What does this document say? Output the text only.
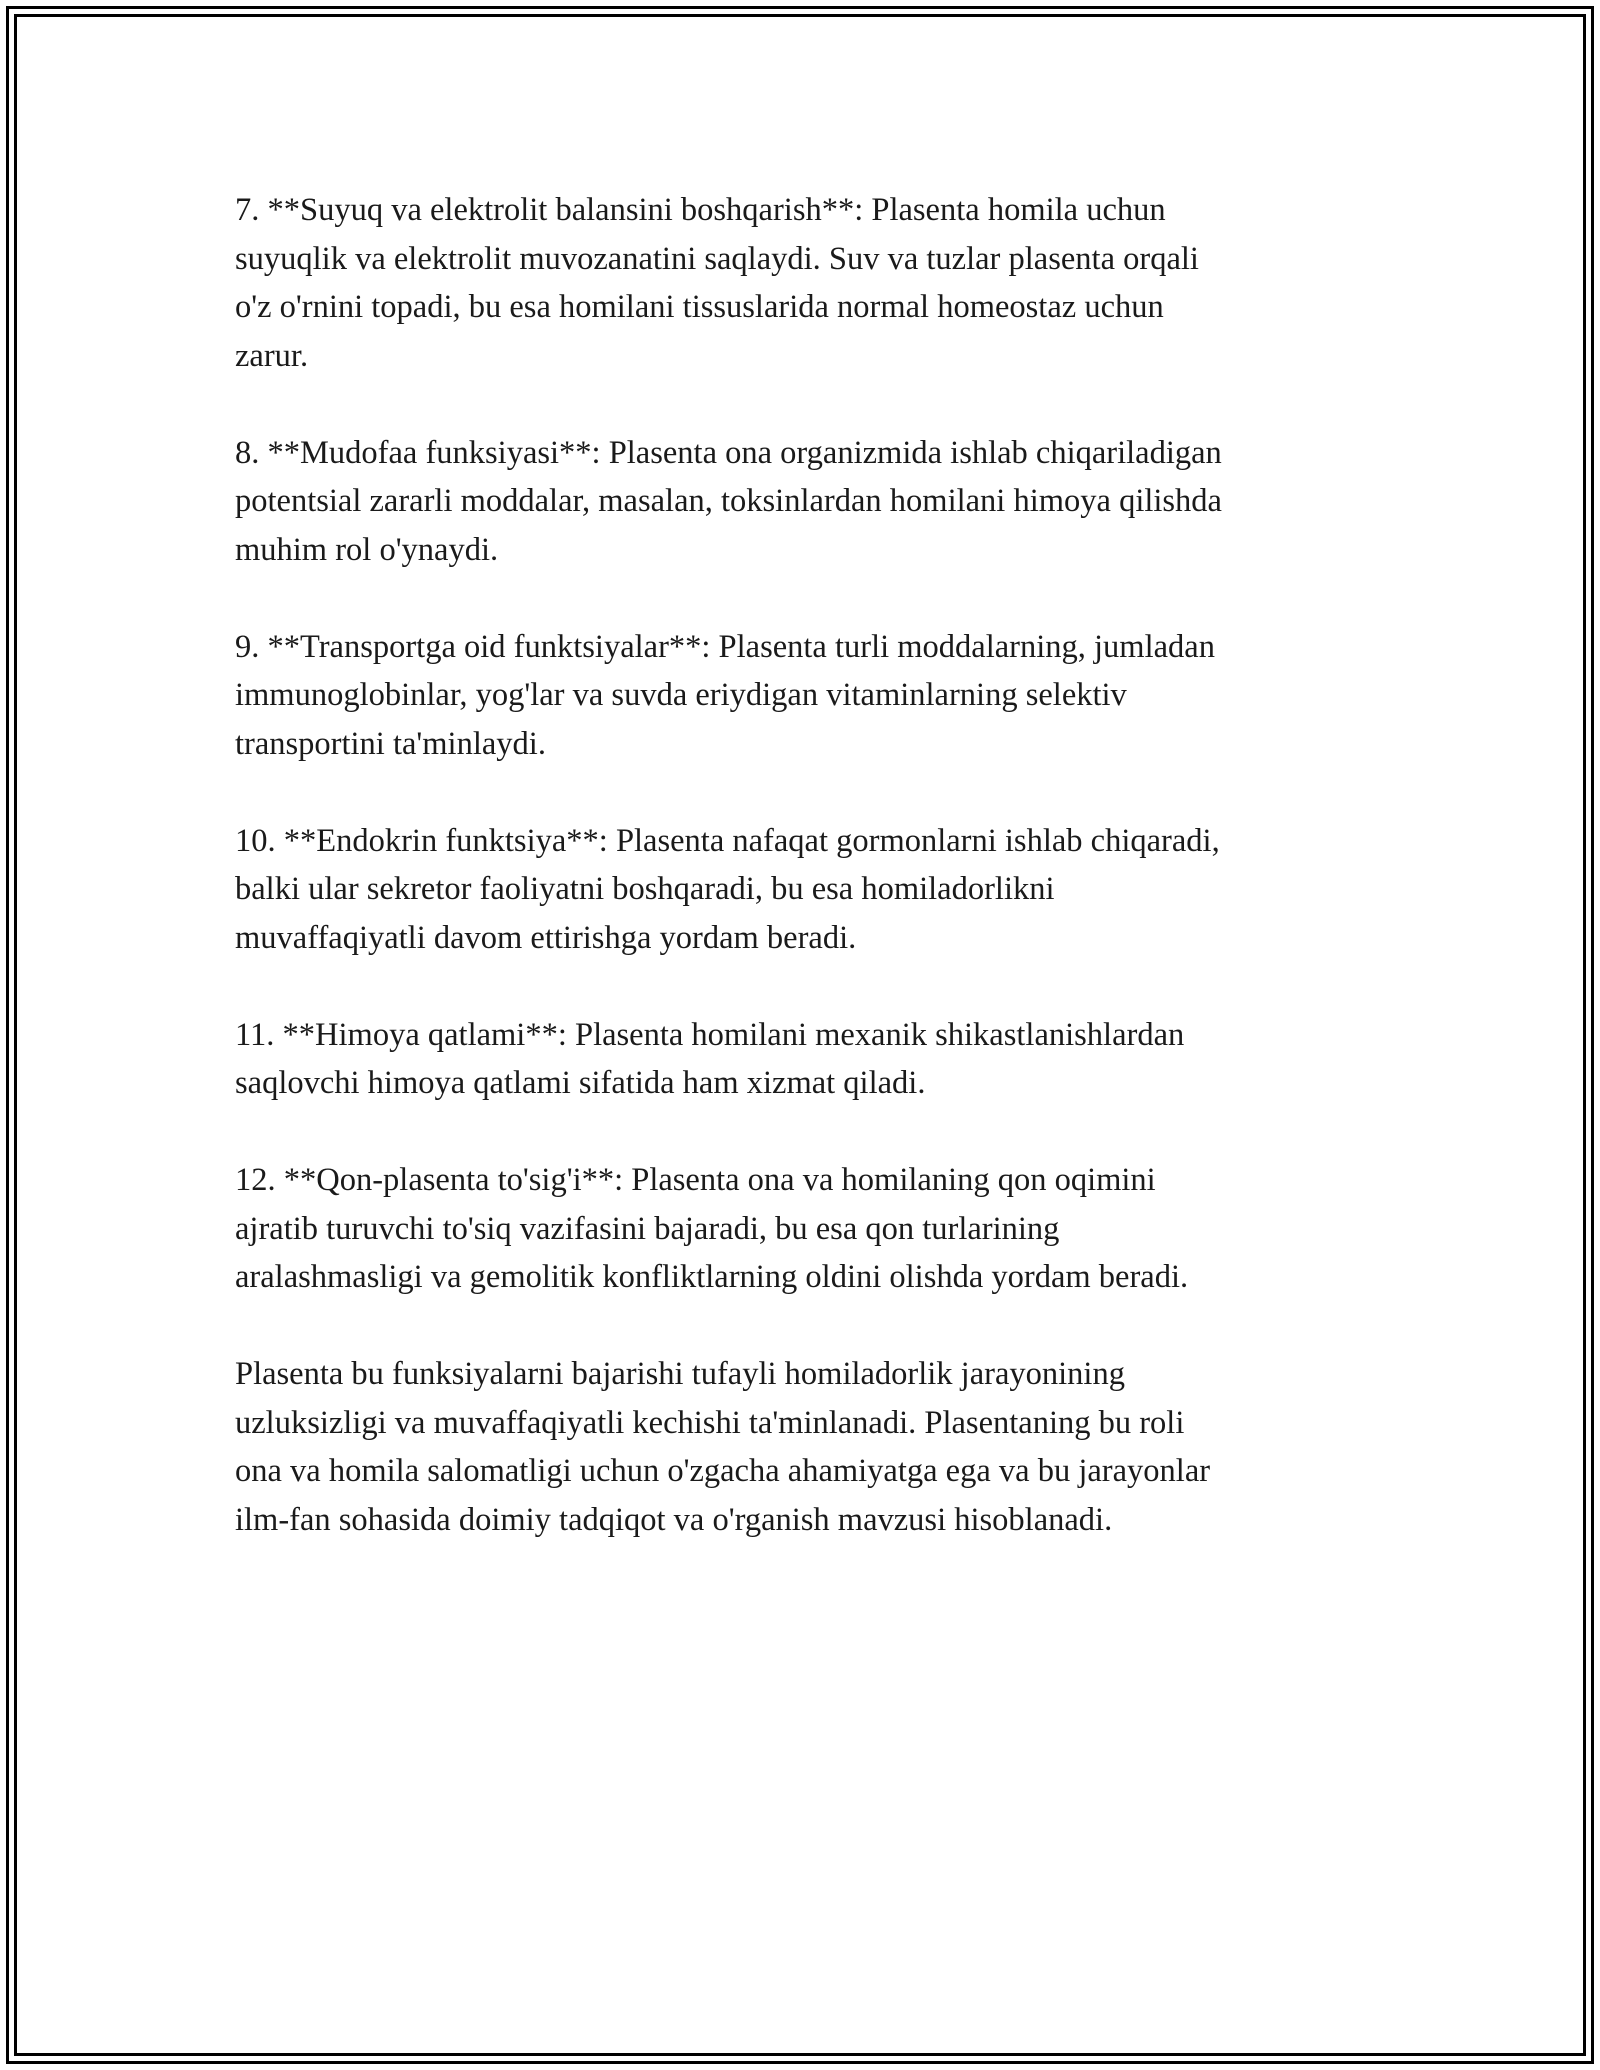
7. **Suyuq va elektrolit balansini boshqarish**: Plasenta homila uchun
suyuqlik va elektrolit muvozanatini saqlaydi. Suv va tuzlar plasenta orqali
o'z o'rnini topadi, bu esa homilani tissuslarida normal homeostaz uchun
zarur.

8. **Mudofaa funksiyasi**: Plasenta ona organizmida ishlab chiqariladigan
potentsial zararli moddalar, masalan, toksinlardan homilani himoya qilishda
muhim rol o'ynaydi.

9. **Transportga oid funktsiyalar**: Plasenta turli moddalarning, jumladan
immunoglobinlar, yog'lar va suvda eriydigan vitaminlarning selektiv
transportini ta'minlaydi.

10. **Endokrin funktsiya**: Plasenta nafaqat gormonlarni ishlab chiqaradi,
balki ular sekretor faoliyatni boshqaradi, bu esa homiladorlikni
muvaffaqiyatli davom ettirishga yordam beradi.

11. **Himoya qatlami**: Plasenta homilani mexanik shikastlanishlardan
saqlovchi himoya qatlami sifatida ham xizmat qiladi.

12. **Qon-plasenta to'sig'i**: Plasenta ona va homilaning qon oqimini
ajratib turuvchi to'siq vazifasini bajaradi, bu esa qon turlarining
aralashmasligi va gemolitik konfliktlarning oldini olishda yordam beradi.

Plasenta bu funksiyalarni bajarishi tufayli homiladorlik jarayonining
uzluksizligi va muvaffaqiyatli kechishi ta'minlanadi. Plasentaning bu roli
ona va homila salomatligi uchun o'zgacha ahamiyatga ega va bu jarayonlar
ilm-fan sohasida doimiy tadqiqot va o'rganish mavzusi hisoblanadi.
